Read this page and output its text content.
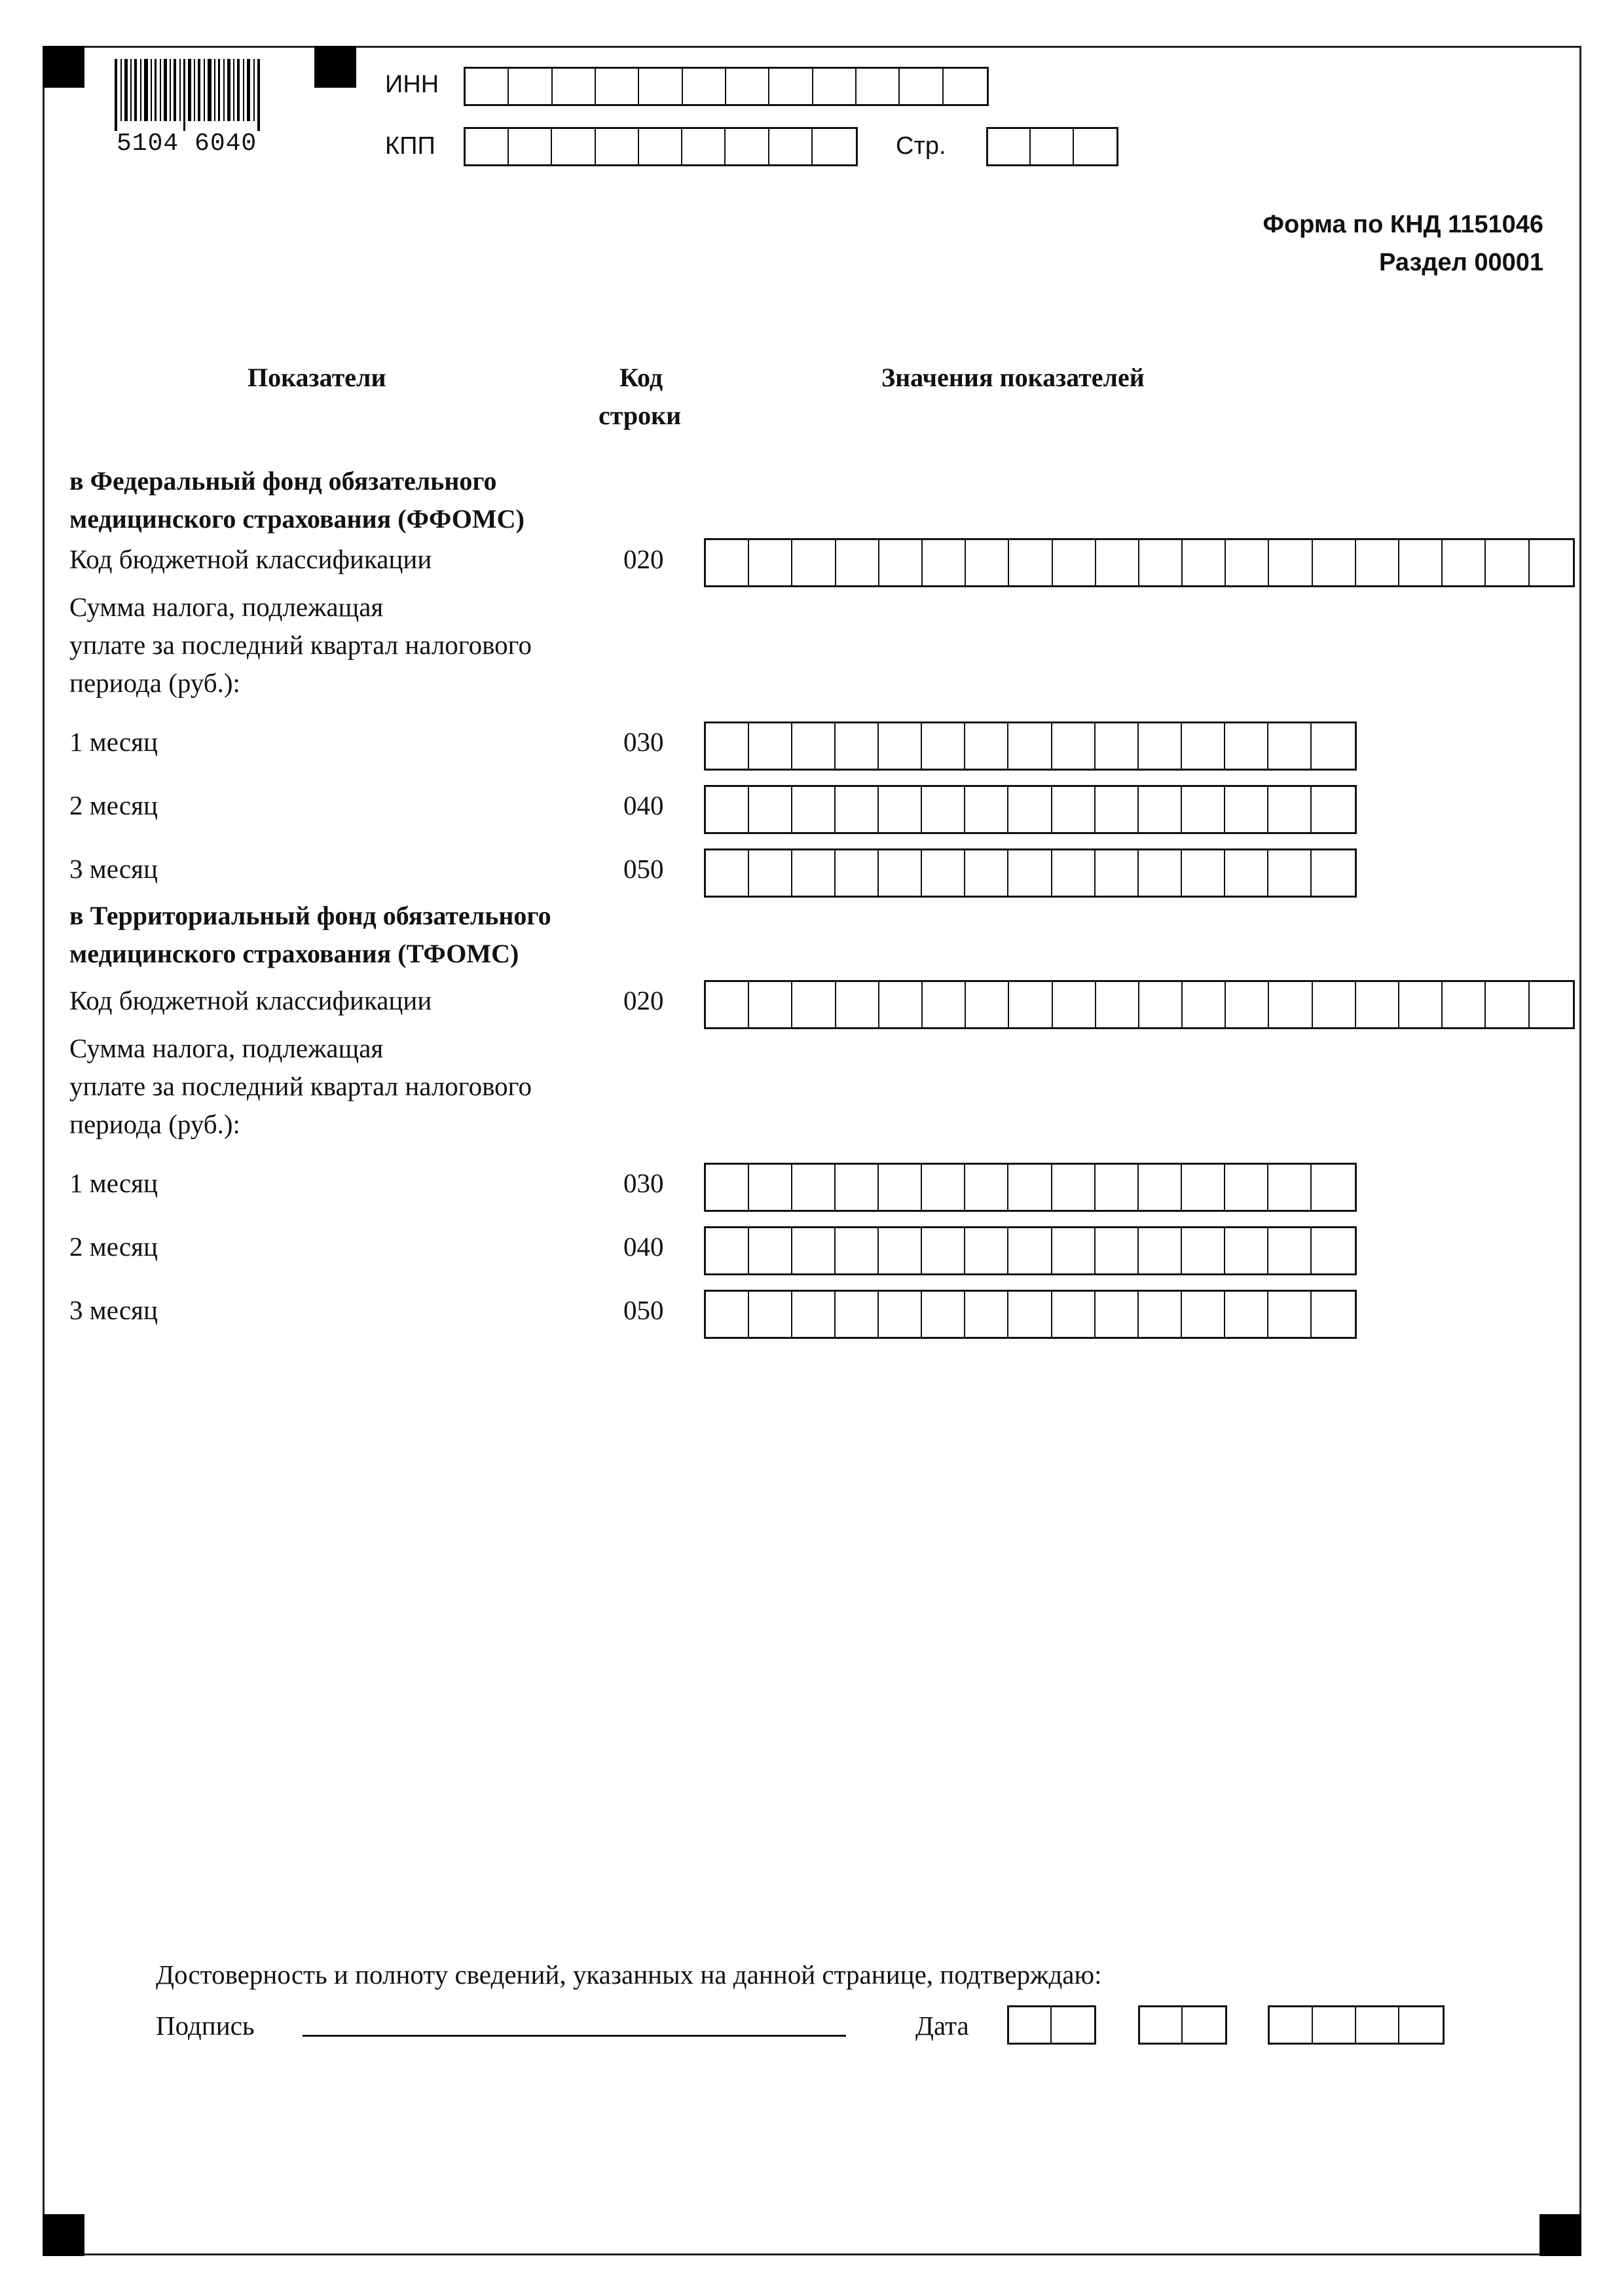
5104 6040
ИНН
КПП	Стр.
Форма по КНД 1151046
Раздел 00001
Показатели	Код
строки
Значения показателей
в Федеральный фонд обязательного
медицинского страхования (ФФОМС)
Код бюджетной классификации	020
Сумма налога, подлежащая
уплате за последний квартал налогового
периода (руб.):
1 месяц	030
2 месяц	040
3 месяц	050
в Территориальный фонд обязательного
медицинского страхования (ТФОМС)
Код бюджетной классификации	020
Сумма налога, подлежащая
уплате за последний квартал налогового
периода (руб.):
1 месяц	030
2 месяц	040
3 месяц	050
Достоверность и полноту сведений, указанных на данной странице, подтверждаю:
Подпись	Дата
